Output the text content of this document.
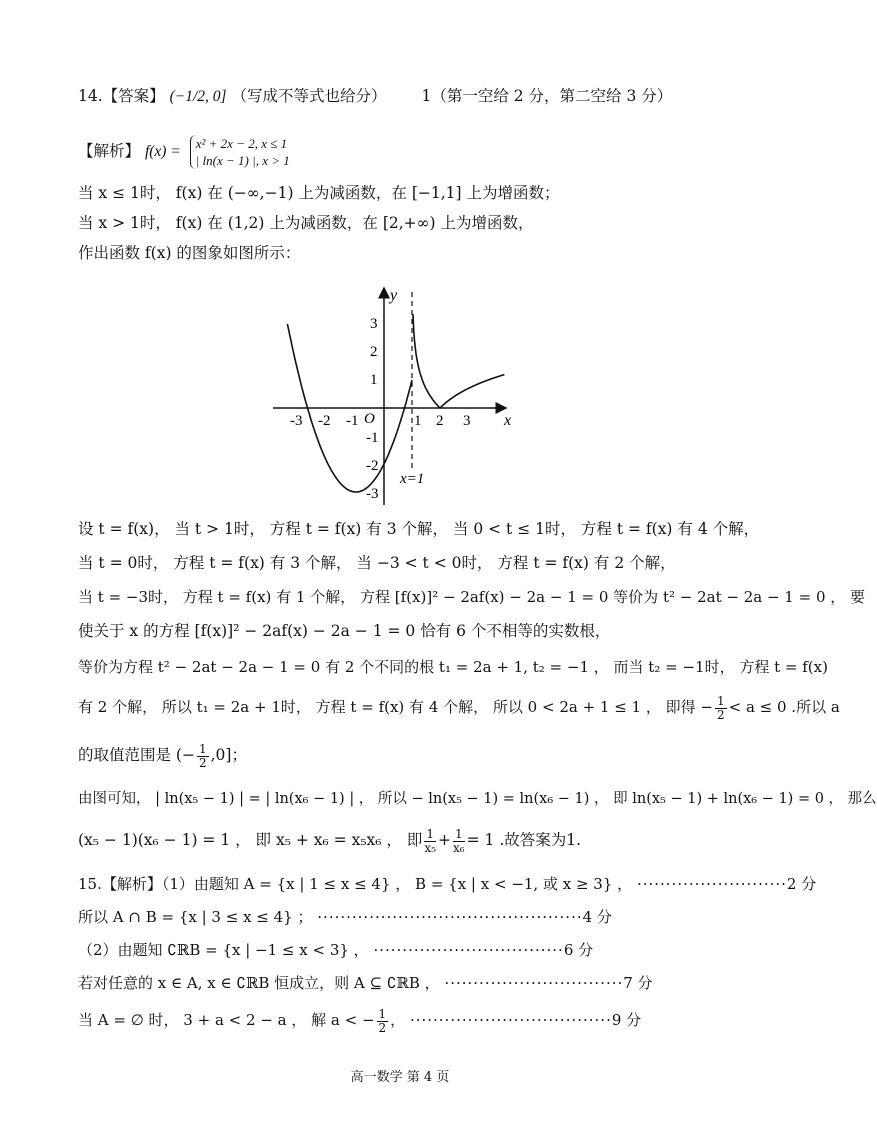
14.【答案】 (−1/2, 0] （写成不等式也给分） 1（第一空给 2 分，第二空给 3 分）
【解析】 f(x) = x² + 2x − 2, x ≤ 1
| ln(x − 1) |, x > 1
当 x ≤ 1时， f(x) 在 (−∞,−1) 上为减函数，在 [−1,1] 上为增函数；
当 x > 1时， f(x) 在 (1,2) 上为减函数，在 [2,+∞) 上为增函数，
作出函数 f(x) 的图象如图所示：
-3 -2 -1 O	1 2 3 x
3
2
1
-1
-2
-3
y
x=1
设 t = f(x)， 当 t > 1时， 方程 t = f(x) 有 3 个解， 当 0 < t ≤ 1时， 方程 t = f(x) 有 4 个解，
当 t = 0时， 方程 t = f(x) 有 3 个解， 当 −3 < t < 0时， 方程 t = f(x) 有 2 个解，
当 t = −3时， 方程 t = f(x) 有 1 个解， 方程 [f(x)]² − 2af(x) − 2a − 1 = 0 等价为 t² − 2at − 2a − 1 = 0 ， 要
使关于 x 的方程 [f(x)]² − 2af(x) − 2a − 1 = 0 恰有 6 个不相等的实数根，
等价为方程 t² − 2at − 2a − 1 = 0 有 2 个不同的根 t₁ = 2a + 1, t₂ = −1 ， 而当 t₂ = −1时， 方程 t = f(x)
有 2 个解， 所以 t₁ = 2a + 1时， 方程 t = f(x) 有 4 个解， 所以 0 < 2a + 1 ≤ 1 ， 即得 − $\frac{1}{2} < a \le 0$ .所以 a
的取值范围是 (− $\frac{1}{2} ,0$]；
由图可知， | ln(x₅ − 1) | = | ln(x₆ − 1) | ， 所以 − ln(x₅ − 1) = ln(x₆ − 1) ， 即 ln(x₅ − 1) + ln(x₆ − 1) = 0 ， 那么
(x₅ − 1)(x₆ − 1) = 1 ， 即 x₅ + x₆ = x₅x₆ ， 即 $\frac{1}{\text{x₅}} + \frac{1}{\text{x₆}} = 1$ .故答案为1.
15.【解析】（1）由题知 A = {x | 1 ≤ x ≤ 4} ， B = {x | x < −1, 或 x ≥ 3} ， ··························2 分
所以 A ∩ B = {x | 3 ≤ x ≤ 4} ； ··············································4 分
（2）由题知 ∁ℝB = {x | −1 ≤ x < 3} ， ·································6 分
若对任意的 x ∈ A, x ∈ ∁ℝB 恒成立，则 A ⊆ ∁ℝB ， ·······························7 分
当 A = ∅ 时， 3 + a < 2 − a ， 解 a < − $\frac{1}{2}$ ， ···································9 分
高一数学 第 4 页
